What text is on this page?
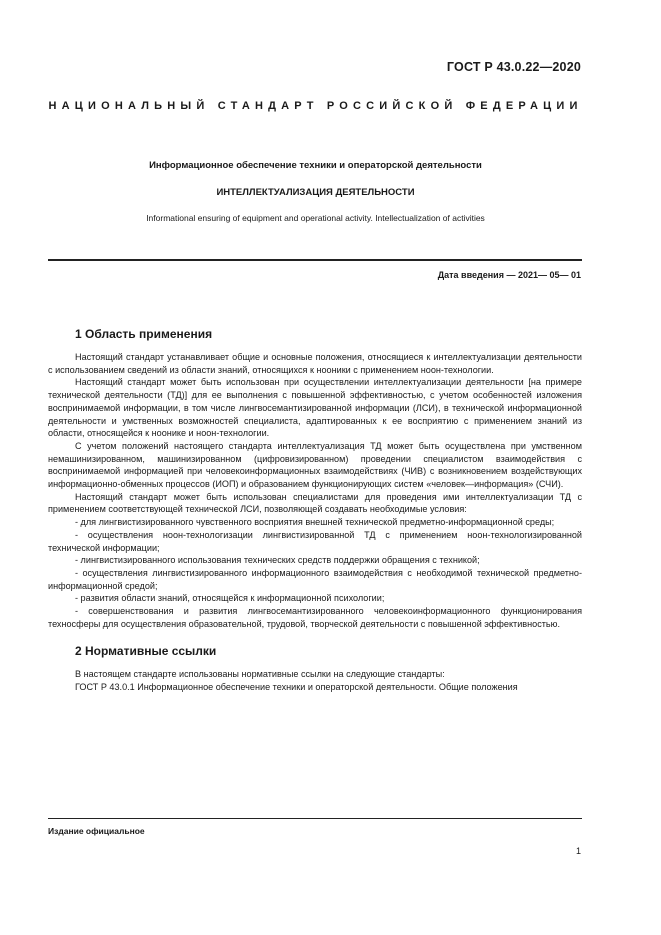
ГОСТ Р 43.0.22—2020
НАЦИОНАЛЬНЫЙ СТАНДАРТ РОССИЙСКОЙ ФЕДЕРАЦИИ
Информационное обеспечение техники и операторской деятельности
ИНТЕЛЛЕКТУАЛИЗАЦИЯ ДЕЯТЕЛЬНОСТИ
Informational ensuring of equipment and operational activity. Intellectualization of activities
Дата введения — 2021— 05— 01
1 Область применения

Настоящий стандарт устанавливает общие и основные положения, относящиеся к интеллектуализации деятельности с использованием сведений из области знаний, относящихся к нооники с применением ноон-технологии.

Настоящий стандарт может быть использован при осуществлении интеллектуализации деятельности [на примере технической деятельности (ТД)] для ее выполнения с повышенной эффективностью, с учетом особенностей изложения воспринимаемой информации, в том числе лингвосемантизированной информации (ЛСИ), в технической информационной деятельности и умственных возможностей специалиста, адаптированных к ее восприятию с применением знаний из области, относящейся к ноонике и ноон-технологии.

С учетом положений настоящего стандарта интеллектуализация ТД может быть осуществлена при умственном немашинизированном, машинизированном (цифровизированном) проведении специалистом взаимодействия с воспринимаемой информацией при человекоинформационных взаимодействиях (ЧИВ) с возникновением воздействующих информационно-обменных процессов (ИОП) и образованием функционирующих систем «человек—информация» (СЧИ).

Настоящий стандарт может быть использован специалистами для проведения ими интеллектуализации ТД с применением соответствующей технической ЛСИ, позволяющей создавать необходимые условия:

- для лингвистизированного чувственного восприятия внешней технической предметно-информационной среды;

- осуществления ноон-технологизации лингвистизированной ТД с применением ноон-технологизированной технической информации;

- лингвистизированного использования технических средств поддержки обращения с техникой;

- осуществления лингвистизированного информационного взаимодействия с необходимой технической предметно-информационной средой;

- развития области знаний, относящейся к информационной психологии;

- совершенствования и развития лингвосемантизированного человекоинформационного функционирования техносферы для осуществления образовательной, трудовой, творческой деятельности с повышенной эффективностью.

2 Нормативные ссылки

В настоящем стандарте использованы нормативные ссылки на следующие стандарты:

ГОСТ Р 43.0.1 Информационное обеспечение техники и операторской деятельности. Общие положения

Издание официальное
1
